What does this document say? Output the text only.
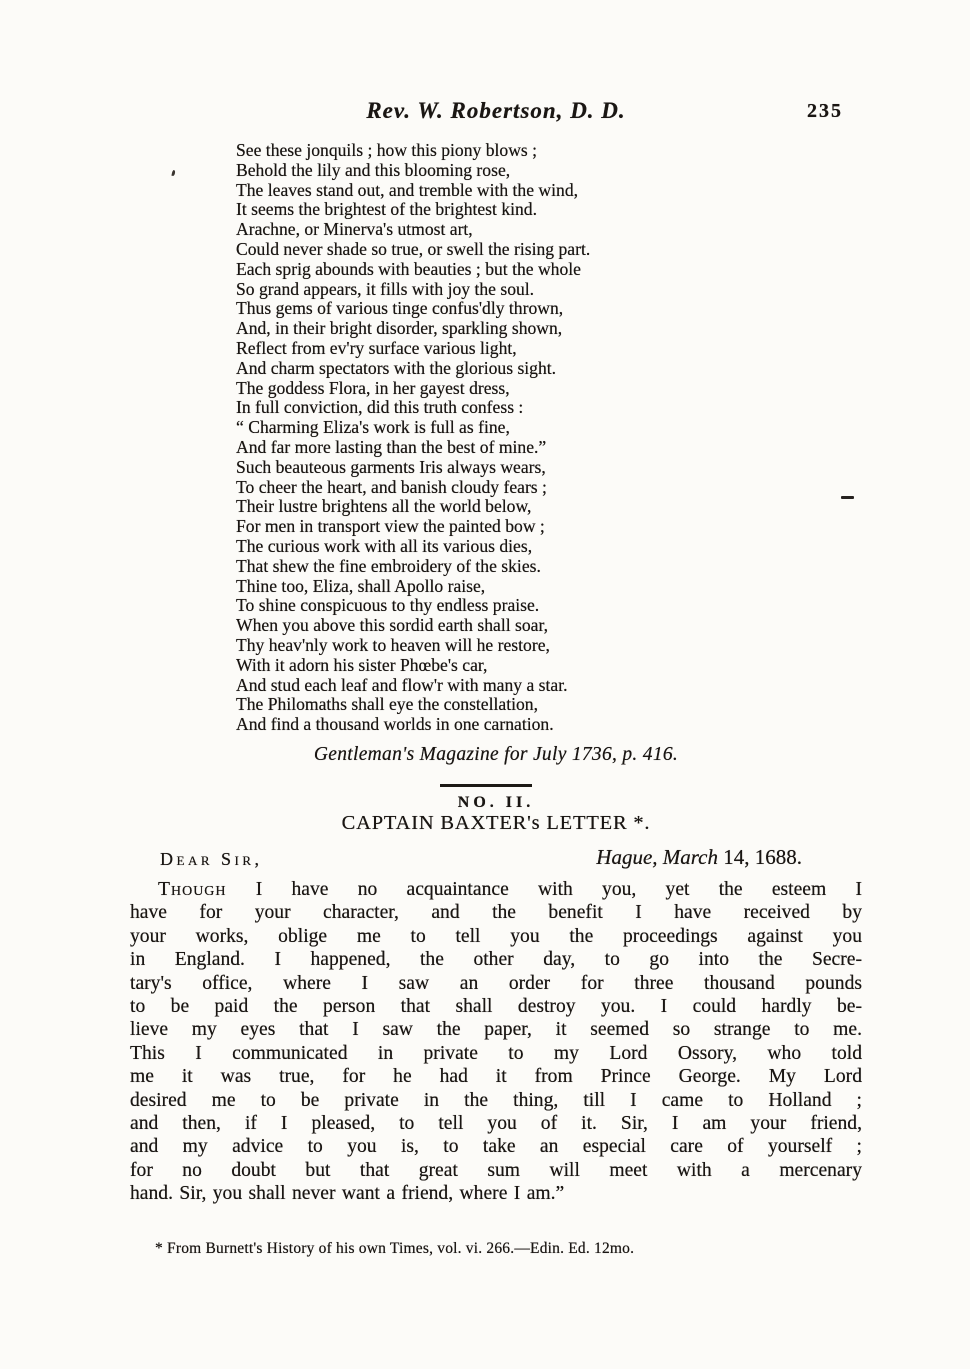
Rev. W. Robertson, D. D.	235
See these jonquils ; how this piony blows ;
Behold the lily and this blooming rose,
The leaves stand out, and tremble with the wind,
It seems the brightest of the brightest kind.
Arachne, or Minerva's utmost art,
Could never shade so true, or swell the rising part.
Each sprig abounds with beauties ; but the whole
So grand appears, it fills with joy the soul.
Thus gems of various tinge confus'dly thrown,
And, in their bright disorder, sparkling shown,
Reflect from ev'ry surface various light,
And charm spectators with the glorious sight.
The goddess Flora, in her gayest dress,
In full conviction, did this truth confess :
“ Charming Eliza's work is full as fine,
And far more lasting than the best of mine.”
Such beauteous garments Iris always wears,
To cheer the heart, and banish cloudy fears ;
Their lustre brightens all the world below,
For men in transport view the painted bow ;
The curious work with all its various dies,
That shew the fine embroidery of the skies.
Thine too, Eliza, shall Apollo raise,
To shine conspicuous to thy endless praise.
When you above this sordid earth shall soar,
Thy heav'nly work to heaven will he restore,
With it adorn his sister Phœbe's car,
And stud each leaf and flow'r with many a star.
The Philomaths shall eye the constellation,
And find a thousand worlds in one carnation.
Gentleman's Magazine for July 1736, p. 416.
NO. II.
CAPTAIN BAXTER's LETTER *.
Dear Sir,	Hague, March 14, 1688.
Though I have no acquaintance with you, yet the esteem I
have for your character, and the benefit I have received by
your works, oblige me to tell you the proceedings against you
in England. I happened, the other day, to go into the Secre-
tary's office, where I saw an order for three thousand pounds
to be paid the person that shall destroy you. I could hardly be-
lieve my eyes that I saw the paper, it seemed so strange to me.
This I communicated in private to my Lord Ossory, who told
me it was true, for he had it from Prince George. My Lord
desired me to be private in the thing, till I came to Holland ;
and then, if I pleased, to tell you of it. Sir, I am your friend,
and my advice to you is, to take an especial care of yourself ;
for no doubt but that great sum will meet with a mercenary
hand. Sir, you shall never want a friend, where I am.”
* From Burnett's History of his own Times, vol. vi. 266.—Edin. Ed. 12mo.
